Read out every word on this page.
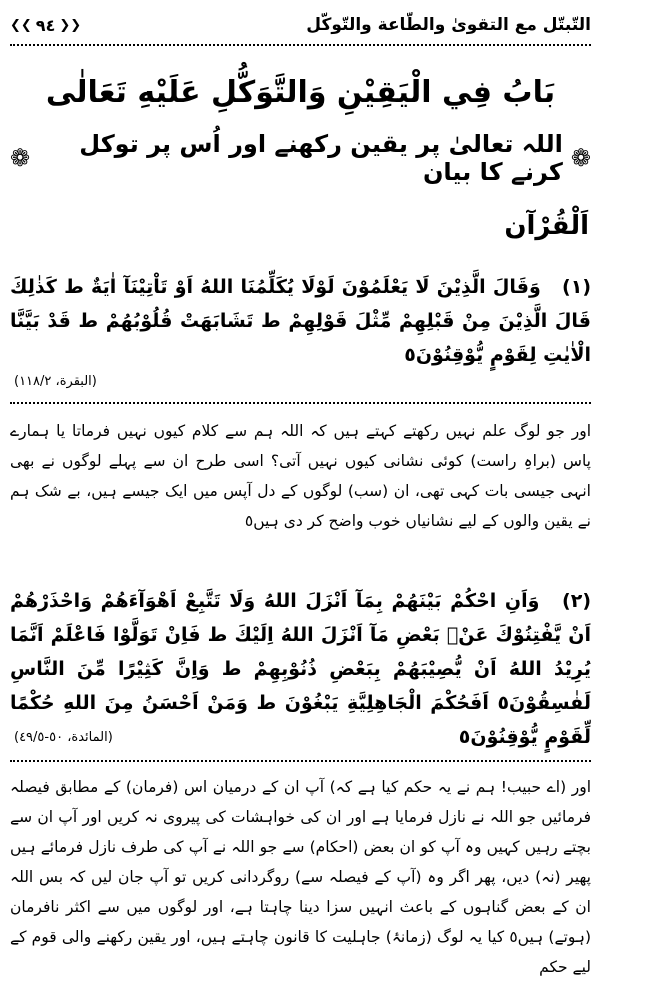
التّبتّل مع التقوىٰ والطّاعة والتّوكّل
❮❮
٩٤
❯❯
بَابُ فِي الْيَقِيْنِ وَالتَّوَكُّلِ عَلَيْهِ تَعَالٰى
❁
اللہ تعالیٰ پر یقین رکھنے اور اُس پر توکل کرنے کا بیان
❁
اَلْقُرْآن
(١) وَقَالَ الَّذِيْنَ لَا يَعْلَمُوْنَ لَوْلَا يُكَلِّمُنَا اللهُ اَوْ تَاْتِيْنَآ اٰيَةٌ ط كَذٰلِكَ قَالَ الَّذِيْنَ مِنْ قَبْلِهِمْ مِّثْلَ قَوْلِهِمْ ط تَشَابَهَتْ قُلُوْبُهُمْ ط قَدْ بَيَّنَّا الْاٰيٰتِ لِقَوْمٍ يُّوْقِنُوْنَ٥
(البقرة، ١١٨/٢)
اور جو لوگ علم نہیں رکھتے کہتے ہیں کہ اللہ ہم سے کلام کیوں نہیں فرماتا یا ہمارے پاس (براہِ راست) کوئی نشانی کیوں نہیں آتی؟ اسی طرح ان سے پہلے لوگوں نے بھی انہی جیسی بات کہی تھی، ان (سب) لوگوں کے دل آپس میں ایک جیسے ہیں، بے شک ہم نے یقین والوں کے لیے نشانیاں خوب واضح کر دی ہیں٥
(٢) وَاَنِ احْكُمْ بَيْنَهُمْ بِمَآ اَنْزَلَ اللهُ وَلَا تَتَّبِعْ اَهْوَآءَهُمْ وَاحْذَرْهُمْ اَنْ يَّفْتِنُوْكَ عَنْۢ بَعْضِ مَآ اَنْزَلَ اللهُ اِلَيْكَ ط فَاِنْ تَوَلَّوْا فَاعْلَمْ اَنَّمَا يُرِيْدُ اللهُ اَنْ يُّصِيْبَهُمْ بِبَعْضِ ذُنُوْبِهِمْ ط وَاِنَّ كَثِيْرًا مِّنَ النَّاسِ لَفٰسِقُوْنَ٥ اَفَحُكْمَ الْجَاهِلِيَّةِ يَبْغُوْنَ ط وَمَنْ اَحْسَنُ مِنَ اللهِ حُكْمًا لِّقَوْمٍ يُّوْقِنُوْنَ٥
(المائدة، ٥٠-٤٩/٥)
اور (اے حبیب! ہم نے یہ حکم کیا ہے کہ) آپ ان کے درمیان اس (فرمان) کے مطابق فیصلہ فرمائیں جو اللہ نے نازل فرمایا ہے اور ان کی خواہشات کی پیروی نہ کریں اور آپ ان سے بچتے رہیں کہیں وہ آپ کو ان بعض (احکام) سے جو اللہ نے آپ کی طرف نازل فرمائے ہیں پھیر (نہ) دیں، پھر اگر وہ (آپ کے فیصلہ سے) روگردانی کریں تو آپ جان لیں کہ بس اللہ ان کے بعض گناہوں کے باعث انہیں سزا دینا چاہتا ہے، اور لوگوں میں سے اکثر نافرمان (ہوتے) ہیں٥ کیا یہ لوگ (زمانۂ) جاہلیت کا قانون چاہتے ہیں، اور یقین رکھنے والی قوم کے لیے حکم
